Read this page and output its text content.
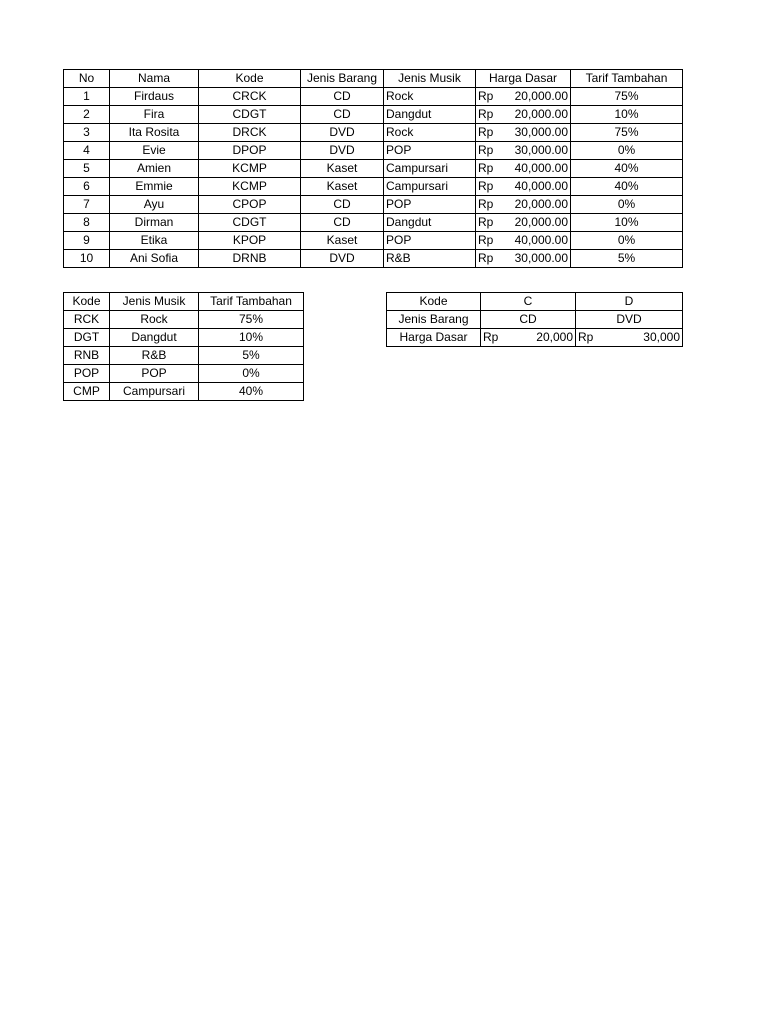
No	Nama	Kode	Jenis Barang	Jenis Musik	Harga Dasar	Tarif Tambahan
1	Firdaus	CRCK	CD	Rock	Rp 20,000.00	75%
2	Fira	CDGT	CD	Dangdut	Rp 20,000.00	10%
3	Ita Rosita	DRCK	DVD	Rock	Rp 30,000.00	75%
4	Evie	DPOP	DVD	POP	Rp 30,000.00	0%
5	Amien	KCMP	Kaset	Campursari	Rp 40,000.00	40%
6	Emmie	KCMP	Kaset	Campursari	Rp 40,000.00	40%
7	Ayu	CPOP	CD	POP	Rp 20,000.00	0%
8	Dirman	CDGT	CD	Dangdut	Rp 20,000.00	10%
9	Etika	KPOP	Kaset	POP	Rp 40,000.00	0%
10	Ani Sofia	DRNB	DVD	R&B	Rp 30,000.00	5%
Kode	Jenis Musik	Tarif Tambahan
RCK	Rock	75%
DGT	Dangdut	10%
RNB	R&B	5%
POP	POP	0%
CMP	Campursari	40%
Kode	C	D
Jenis Barang	CD	DVD
Harga Dasar	Rp 20,000	Rp 30,000
